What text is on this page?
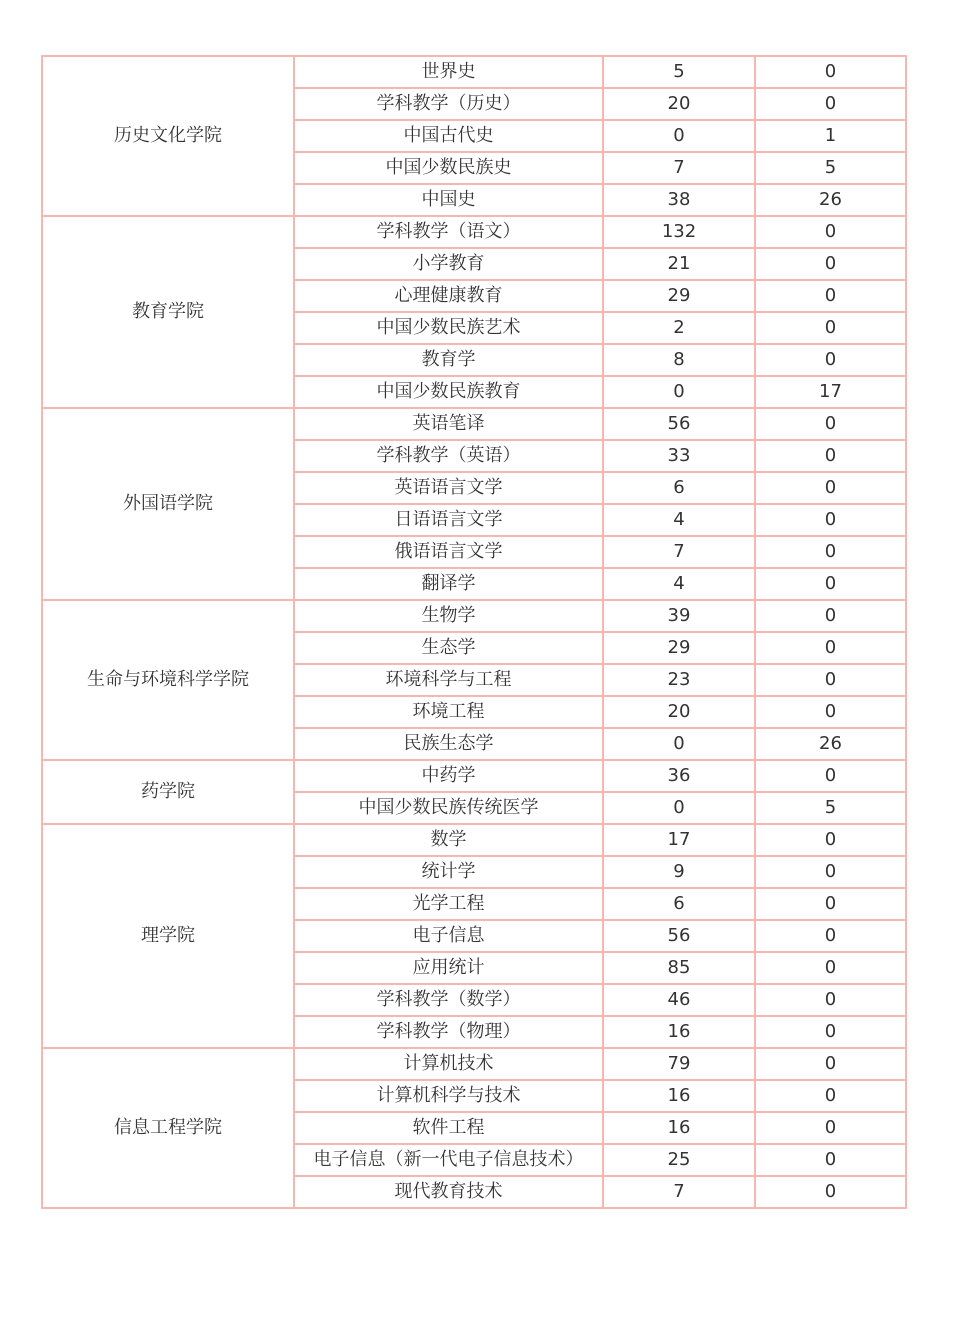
历史文化学院	世界史	5	0
	学科教学（历史）	20	0
	中国古代史	0	1
	中国少数民族史	7	5
	中国史	38	26
教育学院	学科教学（语文）	132	0
	小学教育	21	0
	心理健康教育	29	0
	中国少数民族艺术	2	0
	教育学	8	0
	中国少数民族教育	0	17
外国语学院	英语笔译	56	0
	学科教学（英语）	33	0
	英语语言文学	6	0
	日语语言文学	4	0
	俄语语言文学	7	0
	翻译学	4	0
生命与环境科学学院	生物学	39	0
	生态学	29	0
	环境科学与工程	23	0
	环境工程	20	0
	民族生态学	0	26
药学院	中药学	36	0
	中国少数民族传统医学	0	5
理学院	数学	17	0
	统计学	9	0
	光学工程	6	0
	电子信息	56	0
	应用统计	85	0
	学科教学（数学）	46	0
	学科教学（物理）	16	0
信息工程学院	计算机技术	79	0
	计算机科学与技术	16	0
	软件工程	16	0
	电子信息（新一代电子信息技术）	25	0
	现代教育技术	7	0
